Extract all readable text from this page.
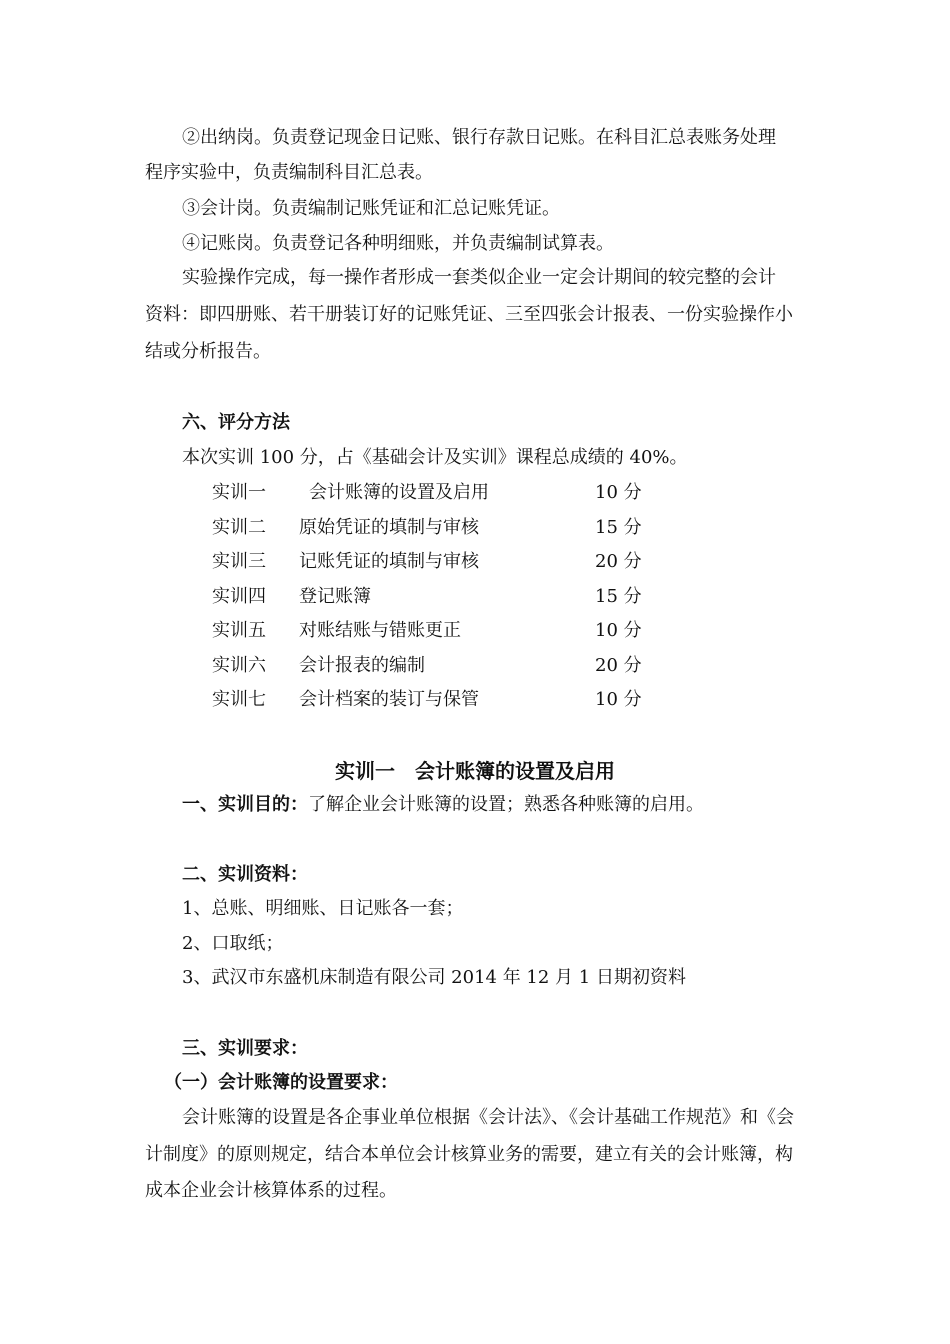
②出纳岗。负责登记现金日记账、银行存款日记账。在科目汇总表账务处理
程序实验中，负责编制科目汇总表。
③会计岗。负责编制记账凭证和汇总记账凭证。
④记账岗。负责登记各种明细账，并负责编制试算表。
实验操作完成，每一操作者形成一套类似企业一定会计期间的较完整的会计
资料：即四册账、若干册装订好的记账凭证、三至四张会计报表、一份实验操作小
结或分析报告。
六、评分方法
本次实训 100 分，占《基础会计及实训》课程总成绩的 40%。
实训一 会计账簿的设置及启用	10 分
实训二 原始凭证的填制与审核	15 分
实训三 记账凭证的填制与审核	20 分
实训四 登记账簿	15 分
实训五 对账结账与错账更正	10 分
实训六 会计报表的编制	20 分
实训七 会计档案的装订与保管	10 分
实训一　会计账簿的设置及启用
一、实训目的：了解企业会计账簿的设置；熟悉各种账簿的启用。
二、实训资料：
1、总账、明细账、日记账各一套；
2、口取纸；
3、武汉市东盛机床制造有限公司 2014 年 12 月 1 日期初资料
三、实训要求：
（一）会计账簿的设置要求：
会计账簿的设置是各企事业单位根据《会计法》、《会计基础工作规范》和《会
计制度》的原则规定，结合本单位会计核算业务的需要，建立有关的会计账簿，构
成本企业会计核算体系的过程。
